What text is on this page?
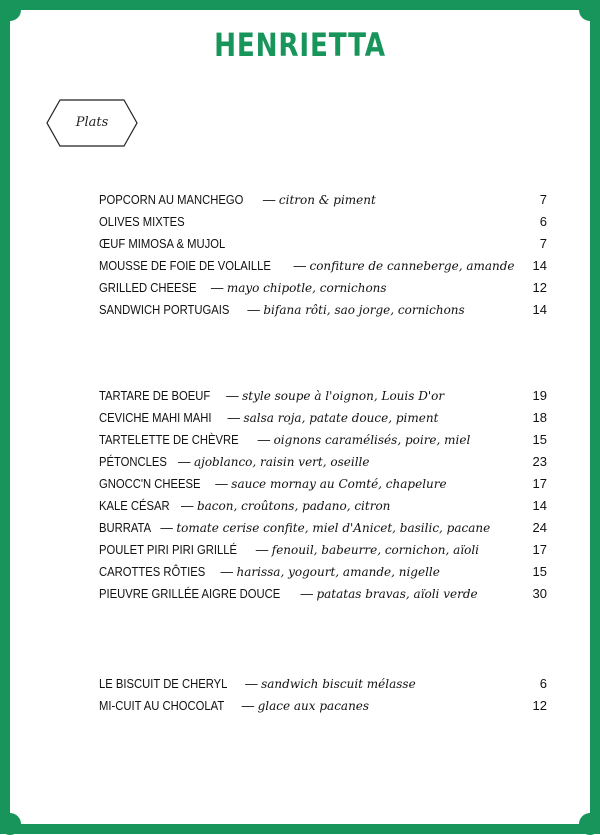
HENRIETTA
Plats
POPCORN AU MANCHEGO — citron & piment	7
OLIVES MIXTES	6
ŒUF MIMOSA & MUJOL	7
MOUSSE DE FOIE DE VOLAILLE — confiture de canneberge, amande 14
GRILLED CHEESE — mayo chipotle, cornichons	12
SANDWICH PORTUGAIS — bifana rôti, sao jorge, cornichons	14
TARTARE DE BOEUF — style soupe à l'oignon, Louis D'or	19
CEVICHE MAHI MAHI — salsa roja, patate douce, piment	18
TARTELETTE DE CHÈVRE — oignons caramélisés, poire, miel	15
PÉTONCLES — ajoblanco, raisin vert, oseille	23
GNOCC'N CHEESE — sauce mornay au Comté, chapelure	17
KALE CÉSAR — bacon, croûtons, padano, citron	14
BURRATA — tomate cerise confite, miel d'Anicet, basilic, pacane	24
POULET PIRI PIRI GRILLÉ — fenouil, babeurre, cornichon, aïoli	17
CAROTTES RÔTIES — harissa, yogourt, amande, nigelle	15
PIEUVRE GRILLÉE AIGRE DOUCE — patatas bravas, aïoli verde	30
LE BISCUIT DE CHERYL — sandwich biscuit mélasse	6
MI-CUIT AU CHOCOLAT — glace aux pacanes	12
